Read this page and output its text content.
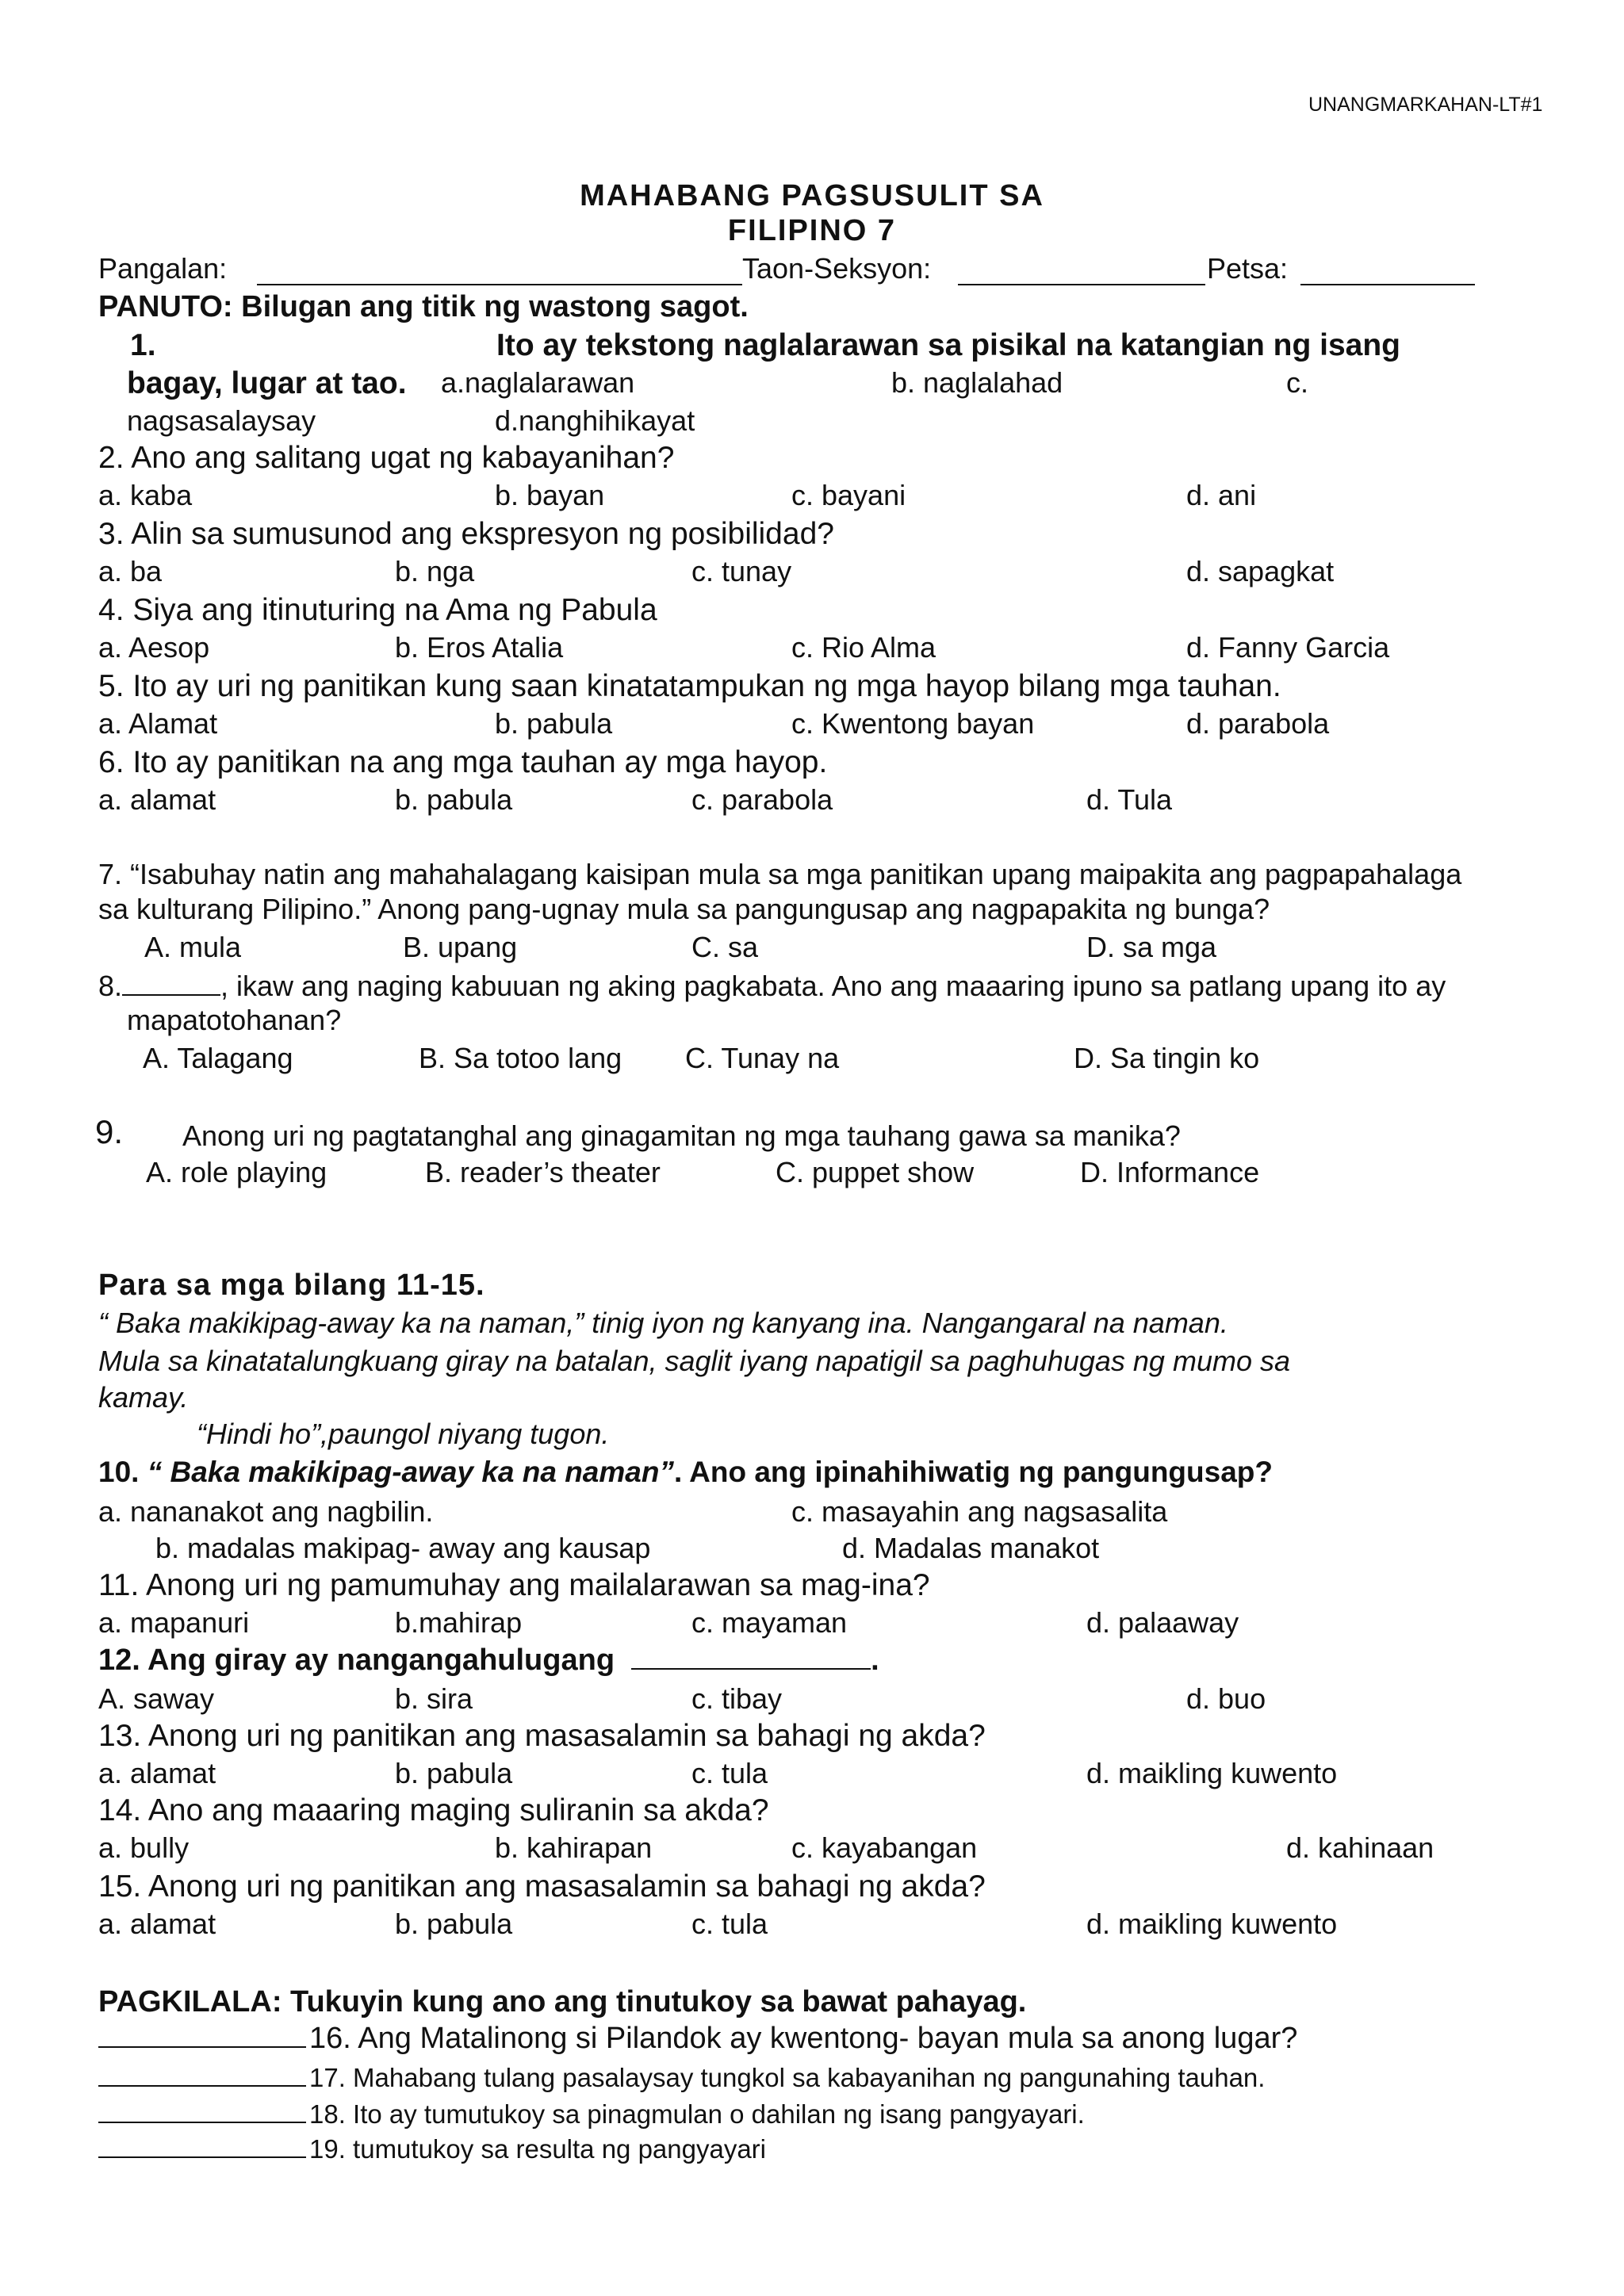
UNANGMARKAHAN-LT#1
MAHABANG PAGSUSULIT SA
FILIPINO 7
Pangalan:	Taon-Seksyon:	Petsa:
PANUTO: Bilugan ang titik ng wastong sagot.
1.	Ito ay tekstong naglalarawan sa pisikal na katangian ng isang
bagay, lugar at tao. a.naglalarawan	b. naglalahad	c.
nagsasalaysay	d.nanghihikayat
2. Ano ang salitang ugat ng kabayanihan?
a. kaba	b. bayan	c. bayani	d. ani
3. Alin sa sumusunod ang ekspresyon ng posibilidad?
a. ba	b. nga	c. tunay	d. sapagkat
4. Siya ang itinuturing na Ama ng Pabula
a. Aesop	b. Eros Atalia	c. Rio Alma	d. Fanny Garcia
5. Ito ay uri ng panitikan kung saan kinatatampukan ng mga hayop bilang mga tauhan.
a. Alamat	b. pabula	c. Kwentong bayan	d. parabola
6. Ito ay panitikan na ang mga tauhan ay mga hayop.
a. alamat	b. pabula	c. parabola	d. Tula
7. “Isabuhay natin ang mahahalagang kaisipan mula sa mga panitikan upang maipakita ang pagpapahalaga
sa kulturang Pilipino.” Anong pang-ugnay mula sa pangungusap ang nagpapakita ng bunga?
A. mula	B. upang	C. sa	D. sa mga
8.	, ikaw ang naging kabuuan ng aking pagkabata. Ano ang maaaring ipuno sa patlang upang ito ay
mapatotohanan?
A. Talagang	B. Sa totoo lang C. Tunay na	D. Sa tingin ko
9. Anong uri ng pagtatanghal ang ginagamitan ng mga tauhang gawa sa manika?
A. role playing	B. reader’s theater	C. puppet show	D. Informance
Para sa mga bilang 11-15.
“ Baka makikipag-away ka na naman,” tinig iyon ng kanyang ina. Nangangaral na naman.
Mula sa kinatatalungkuang giray na batalan, saglit iyang napatigil sa paghuhugas ng mumo sa
kamay.
“Hindi ho”,paungol niyang tugon.
10. “ Baka makikipag-away ka na naman”. Ano ang ipinahihiwatig ng pangungusap?
a. nananakot ang nagbilin.	c. masayahin ang nagsasalita
b. madalas makipag- away ang kausap	d. Madalas manakot
11. Anong uri ng pamumuhay ang mailalarawan sa mag-ina?
a. mapanuri	b.mahirap	c. mayaman	d. palaaway
12. Ang giray ay nangangahulugang	.
A. saway	b. sira	c. tibay	d. buo
13. Anong uri ng panitikan ang masasalamin sa bahagi ng akda?
a. alamat	b. pabula	c. tula	d. maikling kuwento
14. Ano ang maaaring maging suliranin sa akda?
a. bully	b. kahirapan	c. kayabangan	d. kahinaan
15. Anong uri ng panitikan ang masasalamin sa bahagi ng akda?
a. alamat	b. pabula	c. tula	d. maikling kuwento
PAGKILALA: Tukuyin kung ano ang tinutukoy sa bawat pahayag.
16. Ang Matalinong si Pilandok ay kwentong- bayan mula sa anong lugar?
17. Mahabang tulang pasalaysay tungkol sa kabayanihan ng pangunahing tauhan.
18. Ito ay tumutukoy sa pinagmulan o dahilan ng isang pangyayari.
19. tumutukoy sa resulta ng pangyayari
